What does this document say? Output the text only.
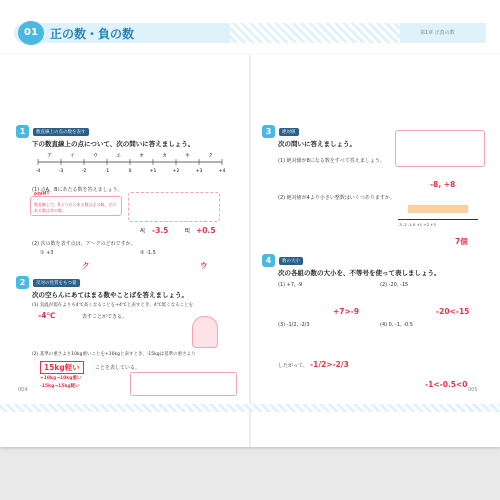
01	正の数・負の数	第1章 正負の数
1	数直線上の点の数を表す
下の数直線上の点について、次の問いに答えましょう。
-4	-3	-2	-1	0	+1	+2	+3	+4
ア	イ	ウ	エ	オ	カ	キ	ク
POINT
数直線上で、0より右にある数は正の数、左にある数は負の数。
(1) 点A、Bにあたる数を答えましょう。
A[ -3.5	B[ +0.5
(2) 次の数を表す点は、ア〜クのどれですか。
① +3	② -1.5
ク	ウ
2	反対の性質をもつ量
次の空らんにあてはまる数やことばを答えましょう。
(1) 気温が現在よりも4℃高くなることを+4℃と表すとき、4℃低くなることを
-4℃	表すことができる。
(2) 基準の重さより10kg重いことを+10kgと表すとき、-15kgは基準の重さより
15kg軽い	ことを表している。
+10kg→10kg重い
-15kg→15kg軽い
3	絶対値
次の問いに答えましょう。
(1) 絶対値が8になる数をすべて答えましょう。
-8, +8
(2) 絶対値が4より小さい整数はいくつありますか。
-3 -2 -1 0 +1 +2 +3
7個
4	数の大小
次の各組の数の大小を、不等号を使って表しましょう。
(1) +7, -9	(2) -20, -15
+7>-9	-20<-15
(3) -1/2, -2/3	(4) 0, -1, -0.5
したがって、 -1/2>-2/3
-1<-0.5<0
004	005
